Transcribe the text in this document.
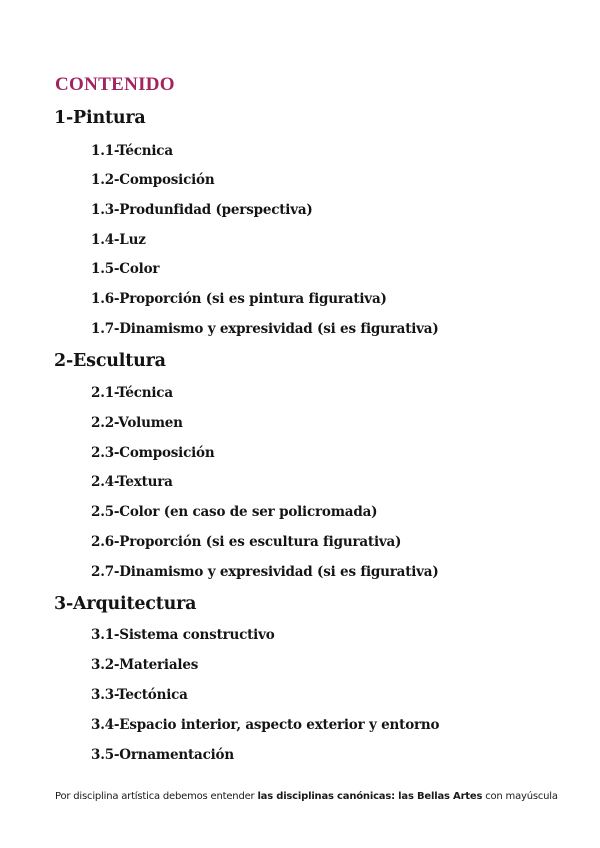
CONTENIDO
1-Pintura

1.1-Técnica

1.2-Composición

1.3-Produnfidad (perspectiva)

1.4-Luz

1.5-Color

1.6-Proporción (si es pintura figurativa)

1.7-Dinamismo y expresividad (si es figurativa)

2-Escultura

2.1-Técnica

2.2-Volumen

2.3-Composición

2.4-Textura

2.5-Color (en caso de ser policromada)

2.6-Proporción (si es escultura figurativa)

2.7-Dinamismo y expresividad (si es figurativa)

3-Arquitectura

3.1-Sistema constructivo

3.2-Materiales

3.3-Tectónica

3.4-Espacio interior, aspecto exterior y entorno

3.5-Ornamentación

Por disciplina artística debemos entender las disciplinas canónicas: las Bellas Artes con mayúscula
